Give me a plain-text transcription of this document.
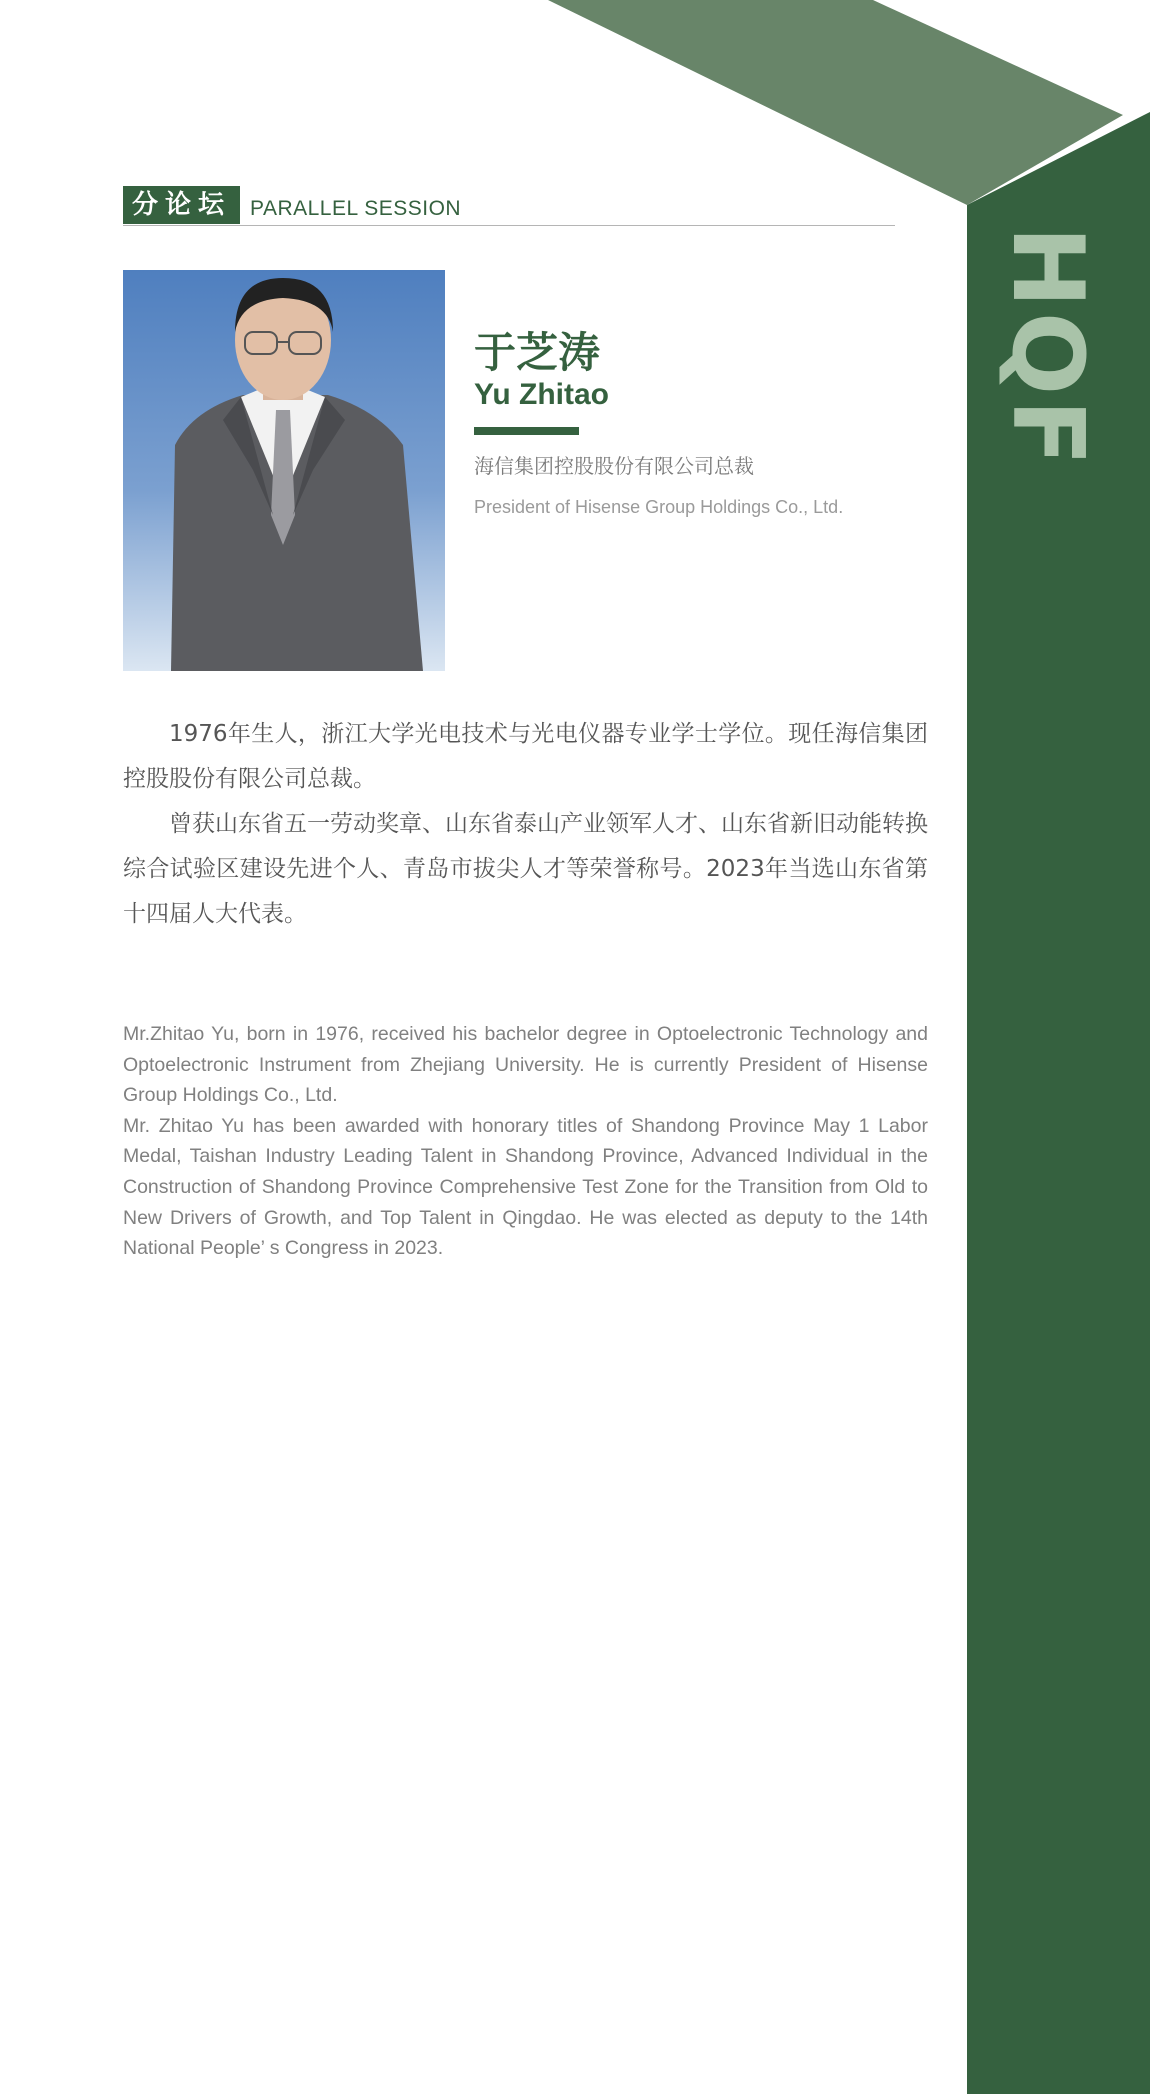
HQF
分论坛 PARALLEL SESSION
于芝涛
Yu Zhitao
海信集团控股股份有限公司总裁
President of Hisense Group Holdings Co., Ltd.

1976年生人，浙江大学光电技术与光电仪器专业学士学位。现任海信集团控股股份有限公司总裁。

曾获山东省五一劳动奖章、山东省泰山产业领军人才、山东省新旧动能转换综合试验区建设先进个人、青岛市拔尖人才等荣誉称号。2023年当选山东省第十四届人大代表。

Mr.Zhitao Yu, born in 1976, received his bachelor degree in Optoelectronic Technology and Optoelectronic Instrument from Zhejiang University. He is currently President of Hisense Group Holdings Co., Ltd.

Mr. Zhitao Yu has been awarded with honorary titles of Shandong Province May 1 Labor Medal, Taishan Industry Leading Talent in Shandong Province, Advanced Individual in the Construction of Shandong Province Comprehensive Test Zone for the Transition from Old to New Drivers of Growth, and Top Talent in Qingdao. He was elected as deputy to the 14th National People’ s Congress in 2023.
